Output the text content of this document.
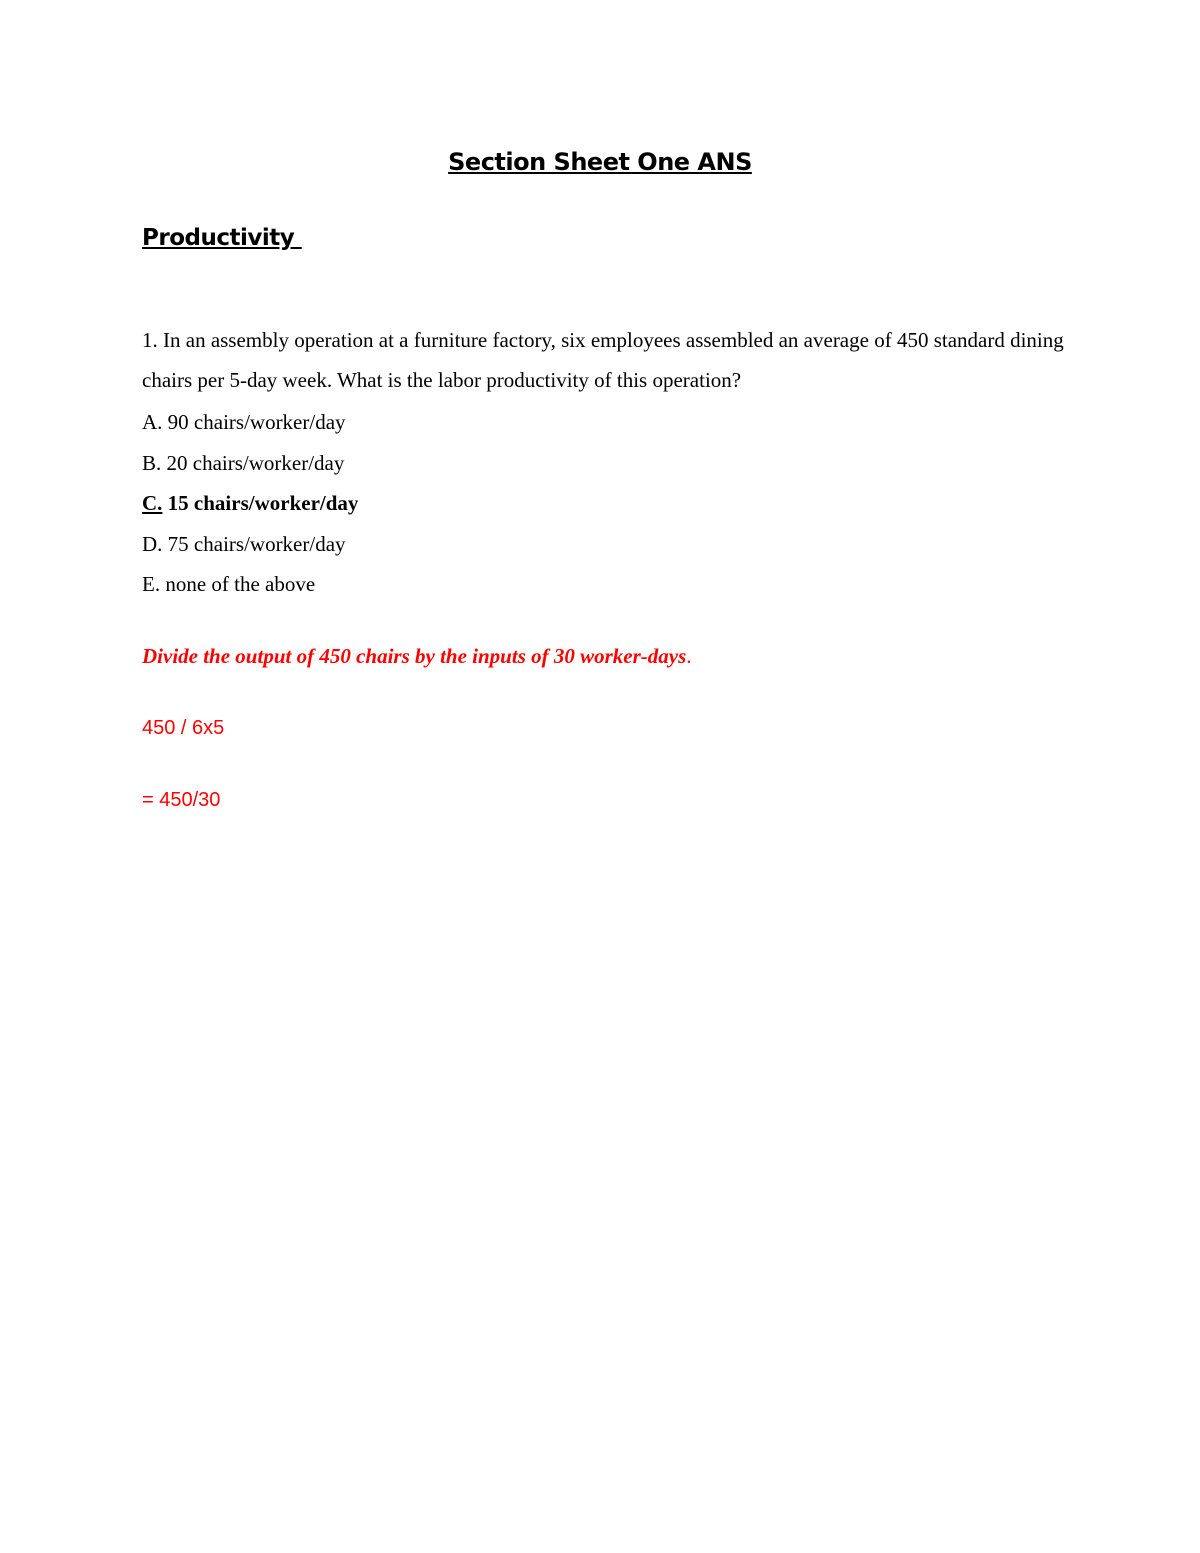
Section Sheet One ANS
Productivity
1. In an assembly operation at a furniture factory, six employees assembled an average of 450 standard dining chairs per 5-day week. What is the labor productivity of this operation?
A. 90 chairs/worker/day
B. 20 chairs/worker/day
C. 15 chairs/worker/day
D. 75 chairs/worker/day
E. none of the above
Divide the output of 450 chairs by the inputs of 30 worker-days.
450 / 6x5
= 450/30
